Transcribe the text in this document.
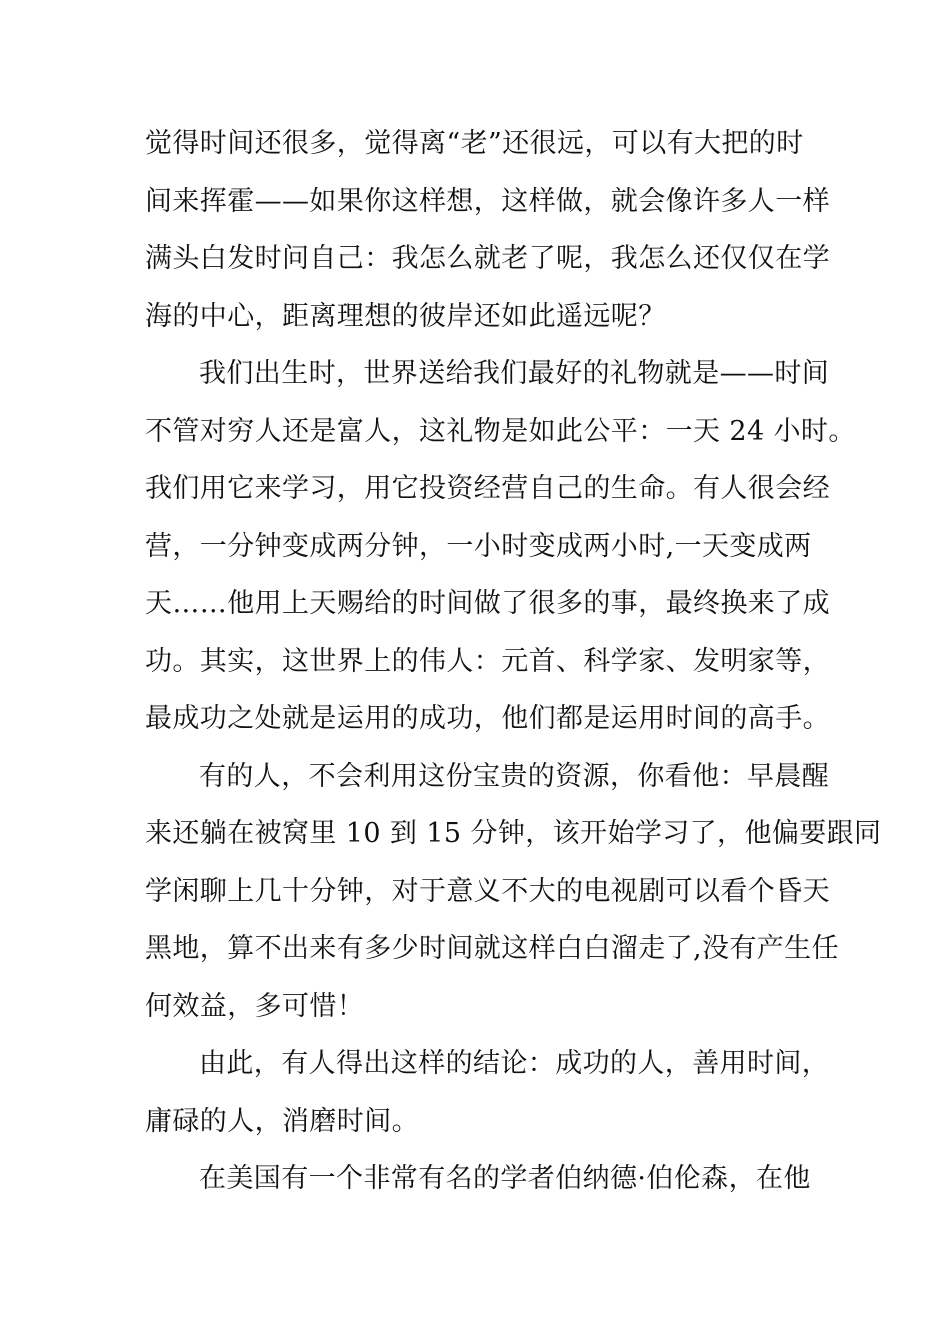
觉得时间还很多，觉得离“老”还很远，可以有大把的时

间来挥霍——如果你这样想，这样做，就会像许多人一样

满头白发时问自己：我怎么就老了呢，我怎么还仅仅在学

海的中心，距离理想的彼岸还如此遥远呢？

我们出生时，世界送给我们最好的礼物就是——时间

不管对穷人还是富人，这礼物是如此公平：一天 24 小时。

我们用它来学习，用它投资经营自己的生命。有人很会经

营，一分钟变成两分钟，一小时变成两小时,一天变成两

天……他用上天赐给的时间做了很多的事，最终换来了成

功。其实，这世界上的伟人：元首、科学家、发明家等，

最成功之处就是运用的成功，他们都是运用时间的高手。

有的人，不会利用这份宝贵的资源，你看他：早晨醒

来还躺在被窝里 10 到 15 分钟，该开始学习了，他偏要跟同

学闲聊上几十分钟，对于意义不大的电视剧可以看个昏天

黑地，算不出来有多少时间就这样白白溜走了,没有产生任

何效益，多可惜！

由此，有人得出这样的结论：成功的人，善用时间，

庸碌的人，消磨时间。

在美国有一个非常有名的学者伯纳德·伯伦森，在他
